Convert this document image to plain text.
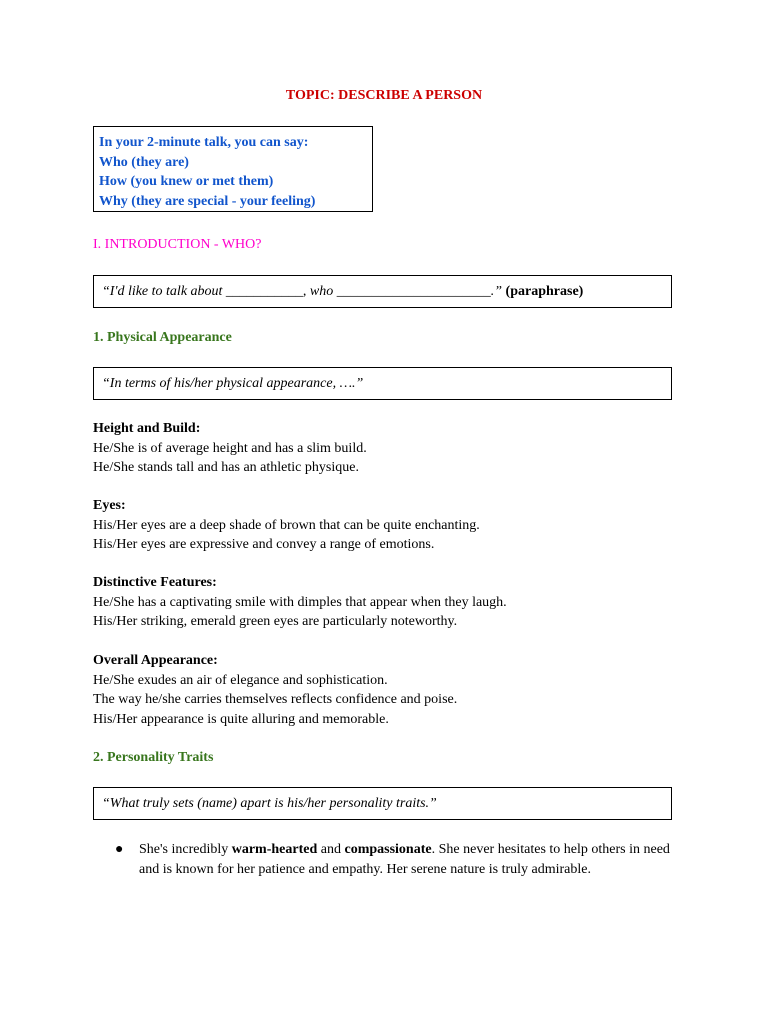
TOPIC: DESCRIBE A PERSON
In your 2-minute talk, you can say:
Who (they are)
How (you knew or met them)
Why (they are special - your feeling)
I. INTRODUCTION - WHO?
“I'd like to talk about ___________, who ______________________.” (paraphrase)
1. Physical Appearance
“In terms of his/her physical appearance, ….”
Height and Build:
He/She is of average height and has a slim build.
He/She stands tall and has an athletic physique.
Eyes:
His/Her eyes are a deep shade of brown that can be quite enchanting.
His/Her eyes are expressive and convey a range of emotions.
Distinctive Features:
He/She has a captivating smile with dimples that appear when they laugh.
His/Her striking, emerald green eyes are particularly noteworthy.
Overall Appearance:
He/She exudes an air of elegance and sophistication.
The way he/she carries themselves reflects confidence and poise.
His/Her appearance is quite alluring and memorable.
2. Personality Traits
“What truly sets (name) apart is his/her personality traits.”
● She's incredibly warm-hearted and compassionate. She never hesitates to help others in need and is known for her patience and empathy. Her serene nature is truly admirable.
